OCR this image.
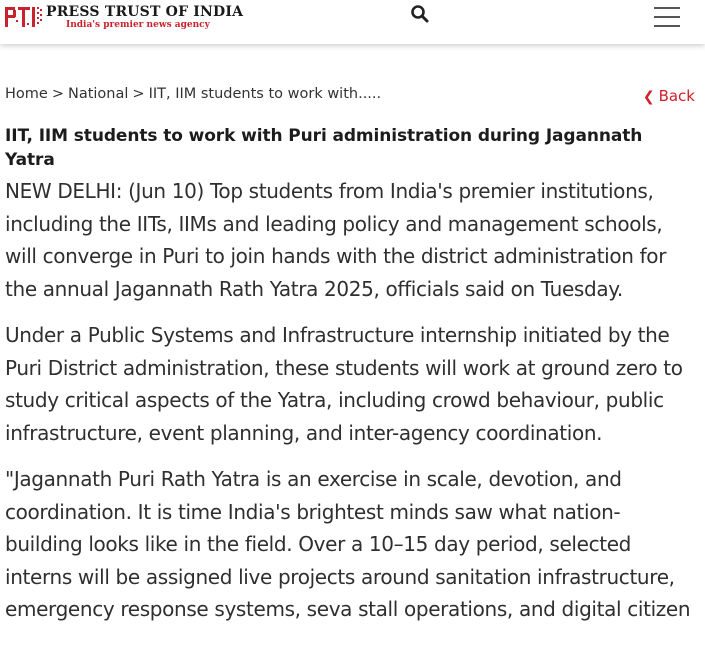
PRESS TRUST OF INDIA
India's premier news agency
Home > National > IIT, IIM students to work with.....	❮ Back
IIT, IIM students to work with Puri administration during Jagannath Yatra

NEW DELHI: (Jun 10) Top students from India's premier institutions, including the IITs, IIMs and leading policy and management schools, will converge in Puri to join hands with the district administration for the annual Jagannath Rath Yatra 2025, officials said on Tuesday.

Under a Public Systems and Infrastructure internship initiated by the Puri District administration, these students will work at ground zero to study critical aspects of the Yatra, including crowd behaviour, public infrastructure, event planning, and inter-agency coordination.

"Jagannath Puri Rath Yatra is an exercise in scale, devotion, and coordination. It is time India's brightest minds saw what nation-building looks like in the field. Over a 10–15 day period, selected interns will be assigned live projects around sanitation infrastructure, emergency response systems, seva stall operations, and digital citizen
